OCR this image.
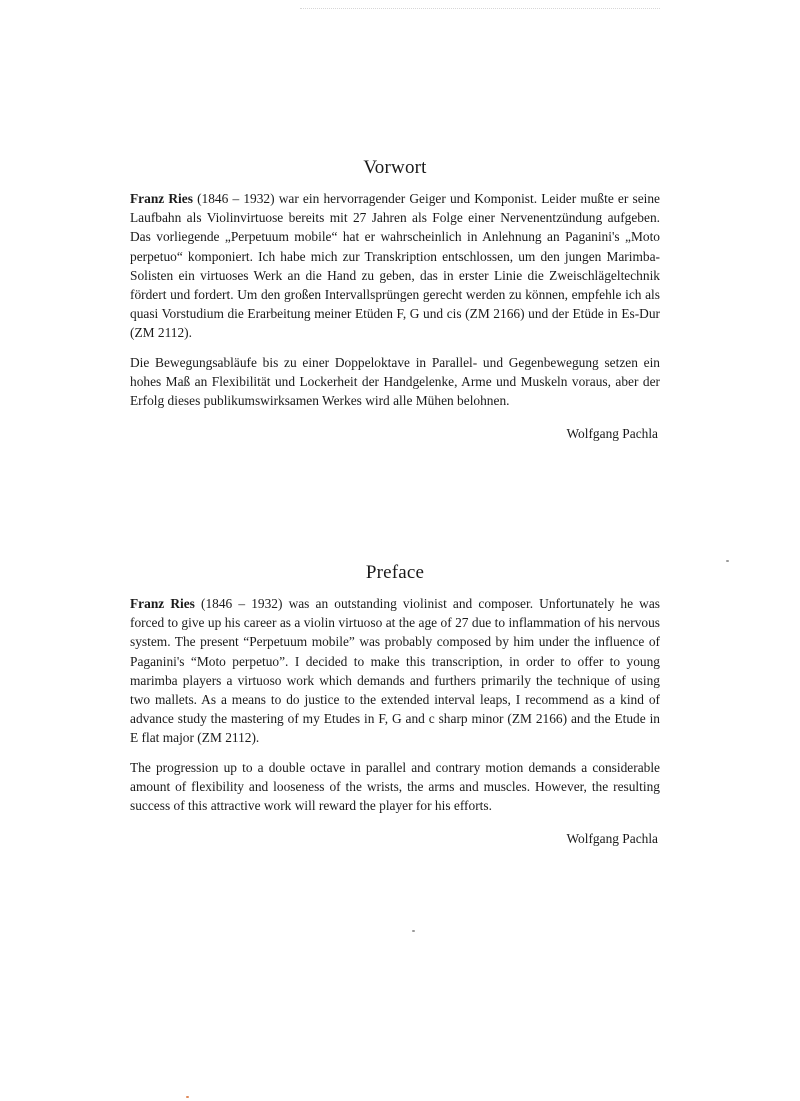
Vorwort

Franz Ries (1846 – 1932) war ein hervorragender Geiger und Komponist. Leider mußte er seine Laufbahn als Violinvirtuose bereits mit 27 Jahren als Folge einer Nervenentzündung aufgeben. Das vorliegende „Perpetuum mobile“ hat er wahrscheinlich in Anlehnung an Paganini's „Moto perpetuo“ komponiert. Ich habe mich zur Transkription entschlossen, um den jungen Marimba-Solisten ein virtuoses Werk an die Hand zu geben, das in erster Linie die Zweischlägeltechnik fördert und fordert. Um den großen Intervallsprüngen gerecht werden zu können, empfehle ich als quasi Vorstudium die Erarbeitung meiner Etüden F, G und cis (ZM 2166) und der Etüde in Es-Dur (ZM 2112).

Die Bewegungsabläufe bis zu einer Doppeloktave in Parallel- und Gegenbewegung setzen ein hohes Maß an Flexibilität und Lockerheit der Handgelenke, Arme und Muskeln voraus, aber der Erfolg dieses publikumswirksamen Werkes wird alle Mühen belohnen.

Wolfgang Pachla
Preface

Franz Ries (1846 – 1932) was an outstanding violinist and composer. Unfortunately he was forced to give up his career as a violin virtuoso at the age of 27 due to inflammation of his nervous system. The present “Perpetuum mobile” was probably composed by him under the influence of Paganini's “Moto perpetuo”. I decided to make this transcription, in order to offer to young marimba players a virtuoso work which demands and furthers primarily the technique of using two mallets. As a means to do justice to the extended interval leaps, I recommend as a kind of advance study the mastering of my Etudes in F, G and c sharp minor (ZM 2166) and the Etude in E flat major (ZM 2112).

The progression up to a double octave in parallel and contrary motion demands a considerable amount of flexibility and looseness of the wrists, the arms and muscles. However, the resulting success of this attractive work will reward the player for his efforts.

Wolfgang Pachla
